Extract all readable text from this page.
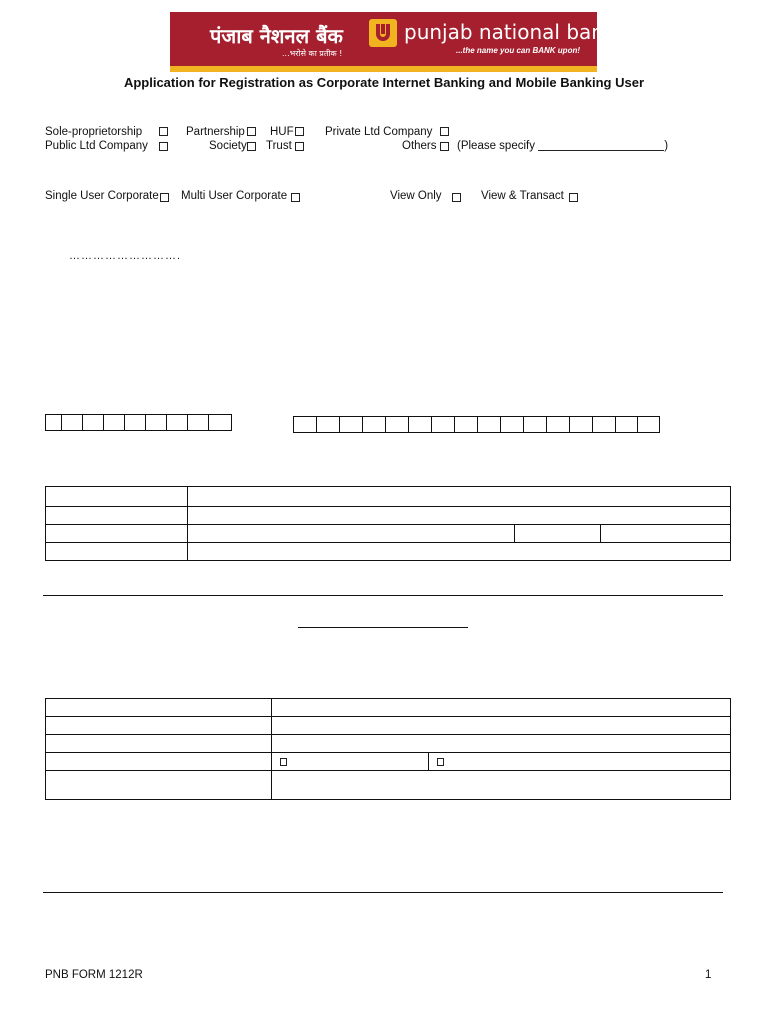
पंजाब नैशनल बैंक
...भरोसे का प्रतीक !
punjab national bank
...the name you can BANK upon!
Application for Registration as Corporate Internet Banking and Mobile Banking User
Sole-proprietorship	Partnership HUF	Private Ltd Company
Public Ltd Company	Society Trust	Others (Please specify	)
Single User Corporate Multi User Corporate	View Only	View & Transact
……………………….

PNB FORM 1212R	1
